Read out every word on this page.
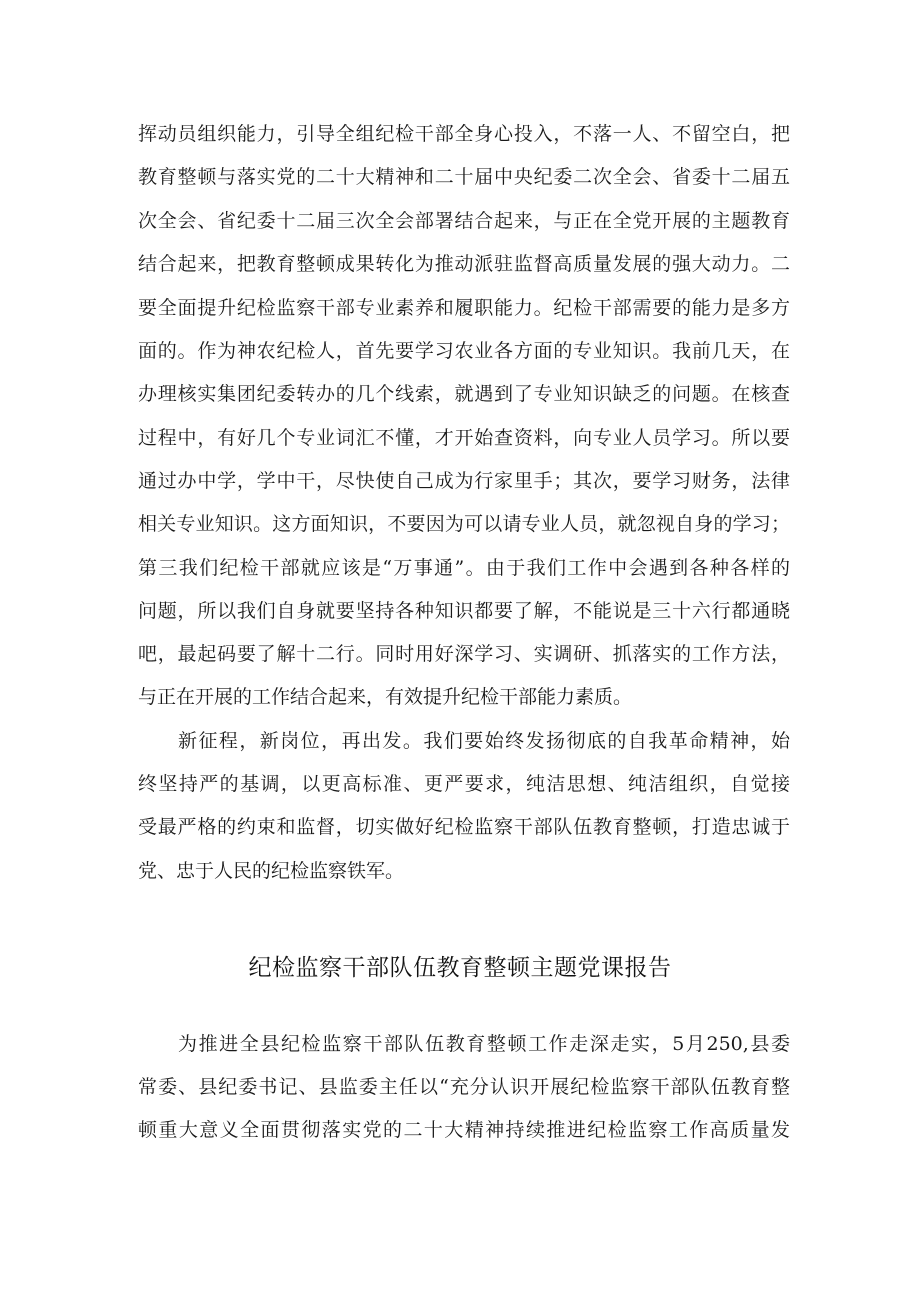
挥动员组织能力，引导全组纪检干部全身心投入，不落一人、不留空白，把
教育整顿与落实党的二十大精神和二十届中央纪委二次全会、省委十二届五
次全会、省纪委十二届三次全会部署结合起来，与正在全党开展的主题教育
结合起来，把教育整顿成果转化为推动派驻监督高质量发展的强大动力。二
要全面提升纪检监察干部专业素养和履职能力。纪检干部需要的能力是多方
面的。作为神农纪检人，首先要学习农业各方面的专业知识。我前几天，在
办理核实集团纪委转办的几个线索，就遇到了专业知识缺乏的问题。在核查
过程中，有好几个专业词汇不懂，才开始查资料，向专业人员学习。所以要
通过办中学，学中干，尽快使自己成为行家里手；其次，要学习财务，法律
相关专业知识。这方面知识，不要因为可以请专业人员，就忽视自身的学习；
第三我们纪检干部就应该是“万事通”。由于我们工作中会遇到各种各样的
问题，所以我们自身就要坚持各种知识都要了解，不能说是三十六行都通晓
吧，最起码要了解十二行。同时用好深学习、实调研、抓落实的工作方法，
与正在开展的工作结合起来，有效提升纪检干部能力素质。
新征程，新岗位，再出发。我们要始终发扬彻底的自我革命精神，始
终坚持严的基调，以更高标准、更严要求，纯洁思想、纯洁组织，自觉接
受最严格的约束和监督，切实做好纪检监察干部队伍教育整顿，打造忠诚于
党、忠于人民的纪检监察铁军。
纪检监察干部队伍教育整顿主题党课报告
为推进全县纪检监察干部队伍教育整顿工作走深走实，5月250,县委
常委、县纪委书记、县监委主任以“充分认识开展纪检监察干部队伍教育整
顿重大意义全面贯彻落实党的二十大精神持续推进纪检监察工作高质量发
